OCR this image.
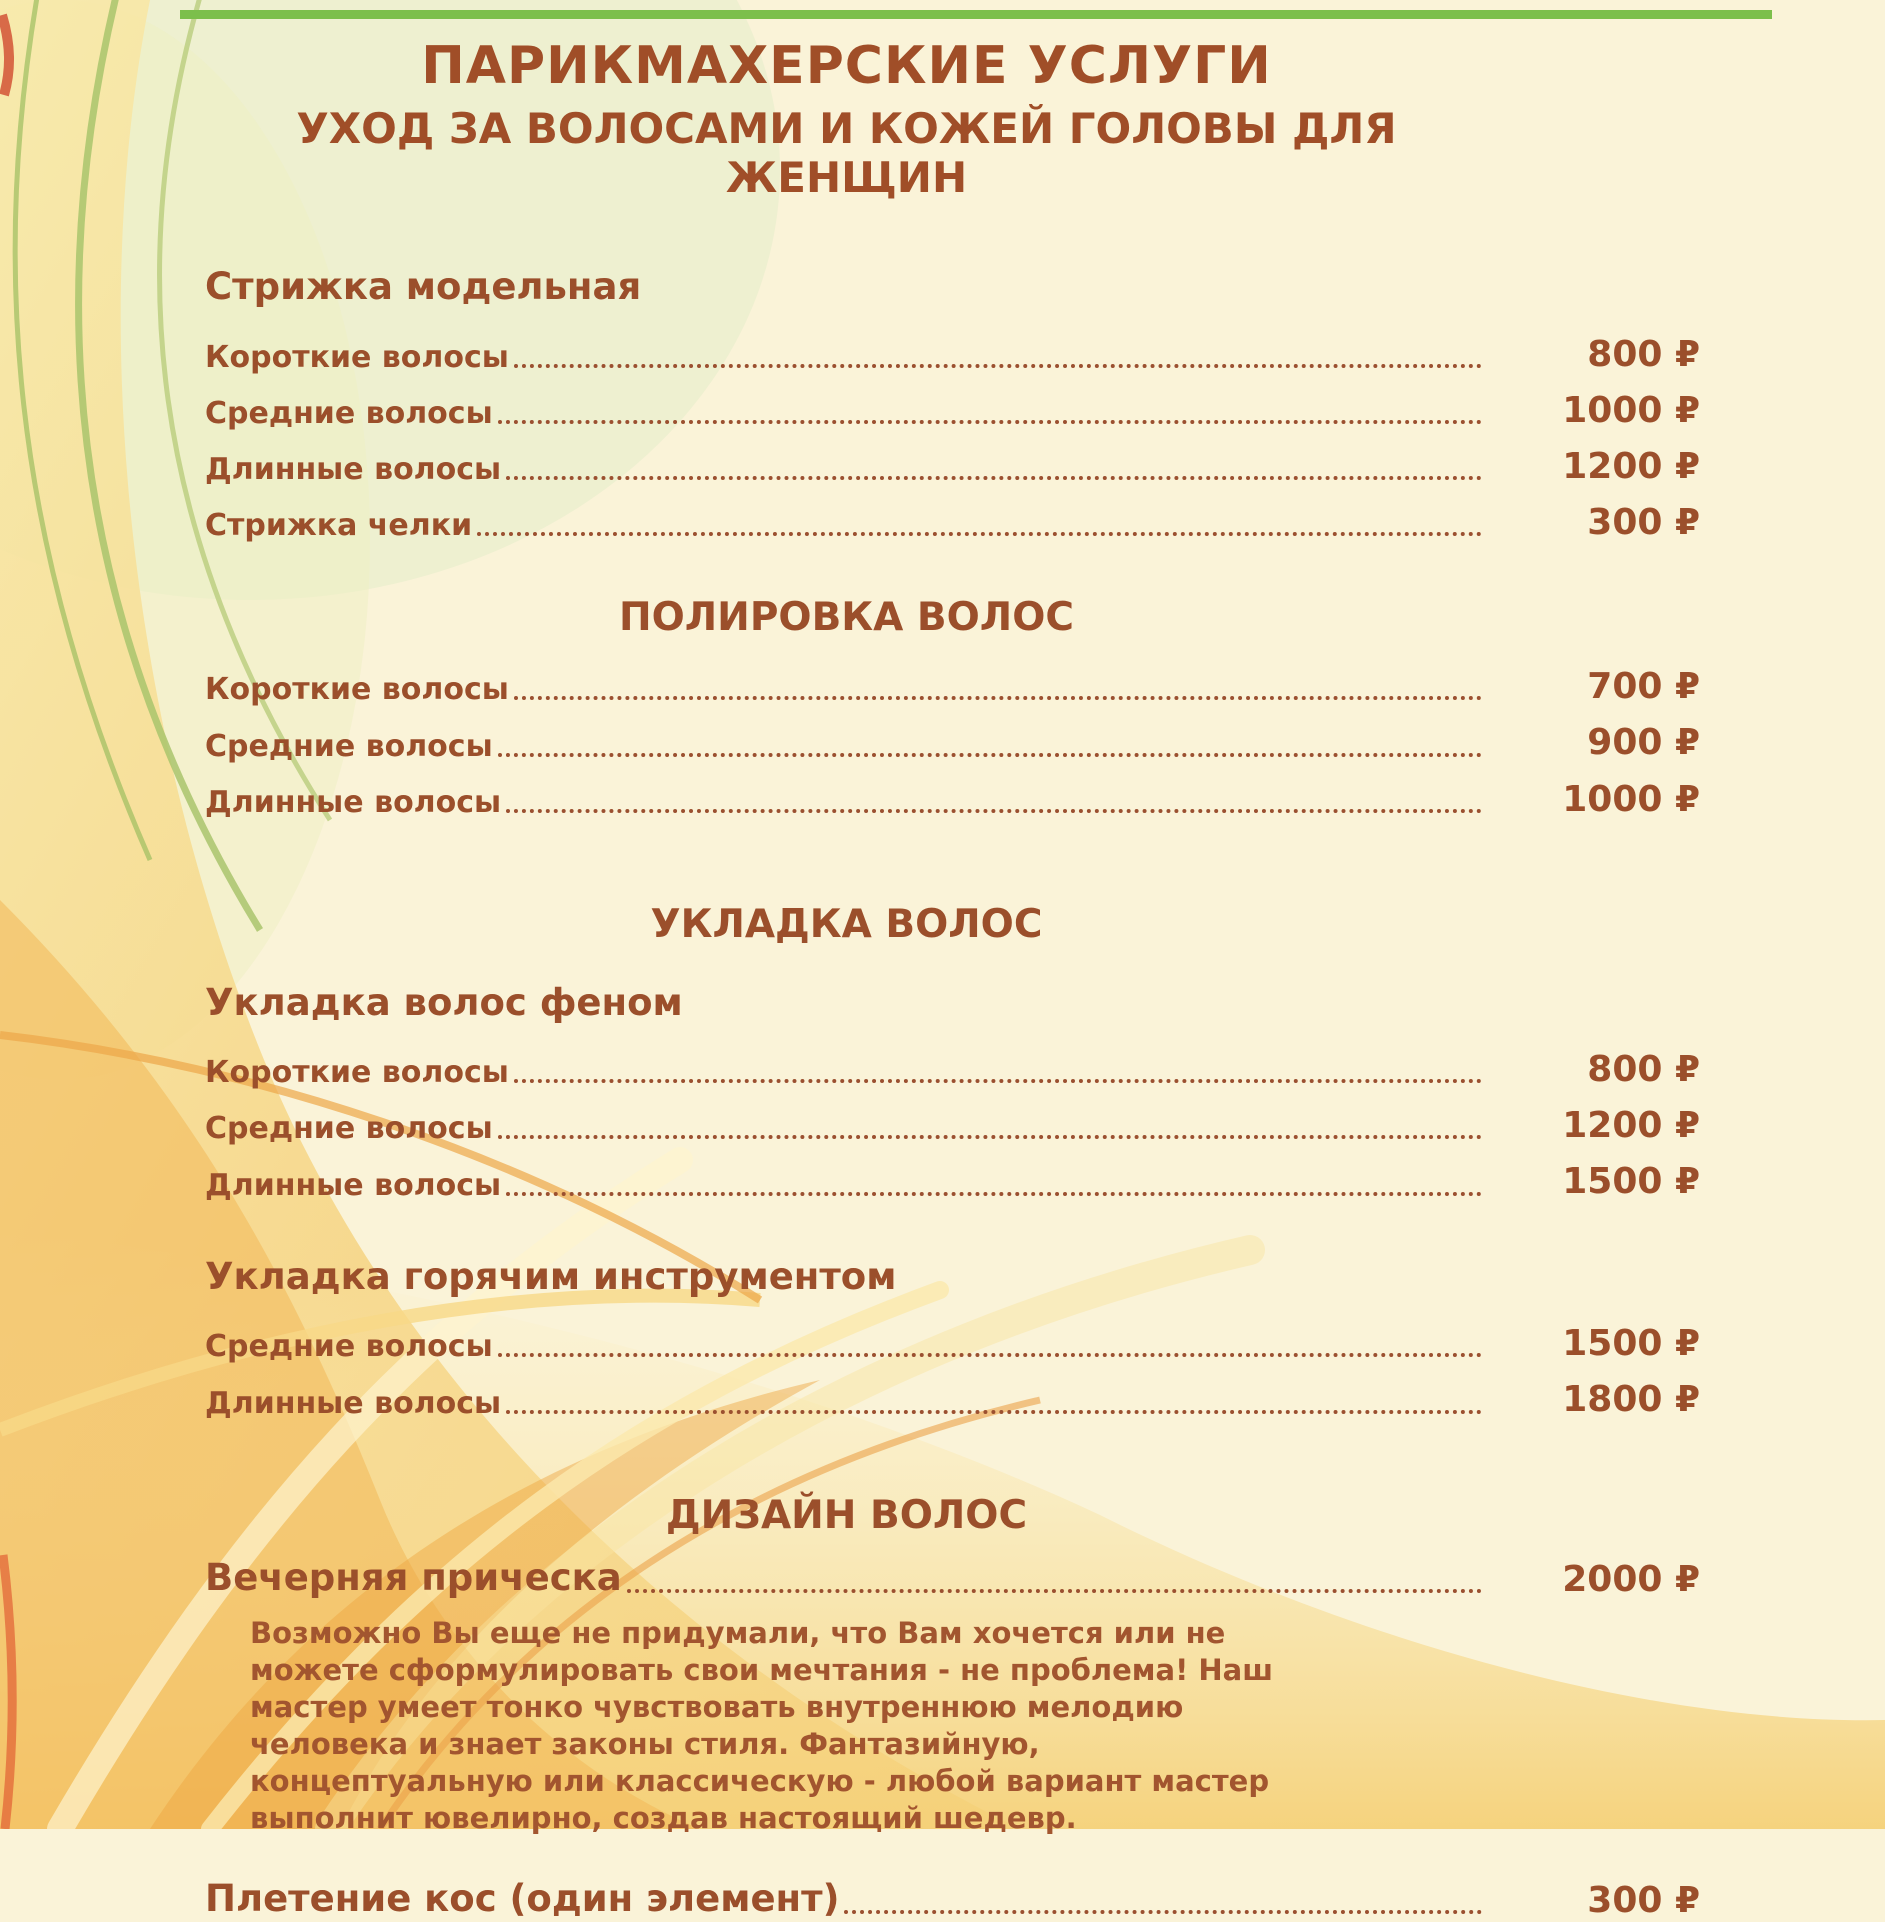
ПАРИКМАХЕРСКИЕ УСЛУГИ
УХОД ЗА ВОЛОСАМИ И КОЖЕЙ ГОЛОВЫ ДЛЯ ЖЕНЩИН
Стрижка модельная
Короткие волосы	800 ₽
Средние волосы	1000 ₽
Длинные волосы	1200 ₽
Стрижка челки	300 ₽
ПОЛИРОВКА ВОЛОС
Короткие волосы	700 ₽
Средние волосы	900 ₽
Длинные волосы	1000 ₽
УКЛАДКА ВОЛОС
Укладка волос феном
Короткие волосы	800 ₽
Средние волосы	1200 ₽
Длинные волосы	1500 ₽
Укладка горячим инструментом
Средние волосы	1500 ₽
Длинные волосы	1800 ₽
ДИЗАЙН ВОЛОС
Вечерняя прическа	2000 ₽

Возможно Вы еще не придумали, что Вам хочется или не можете сформулировать свои мечтания - не проблема! Наш мастер умеет тонко чувствовать внутреннюю мелодию человека и знает законы стиля. Фантазийную, концептуальную или классическую - любой вариант мастер выполнит ювелирно, создав настоящий шедевр.

Плетение кос (один элемент)	300 ₽
